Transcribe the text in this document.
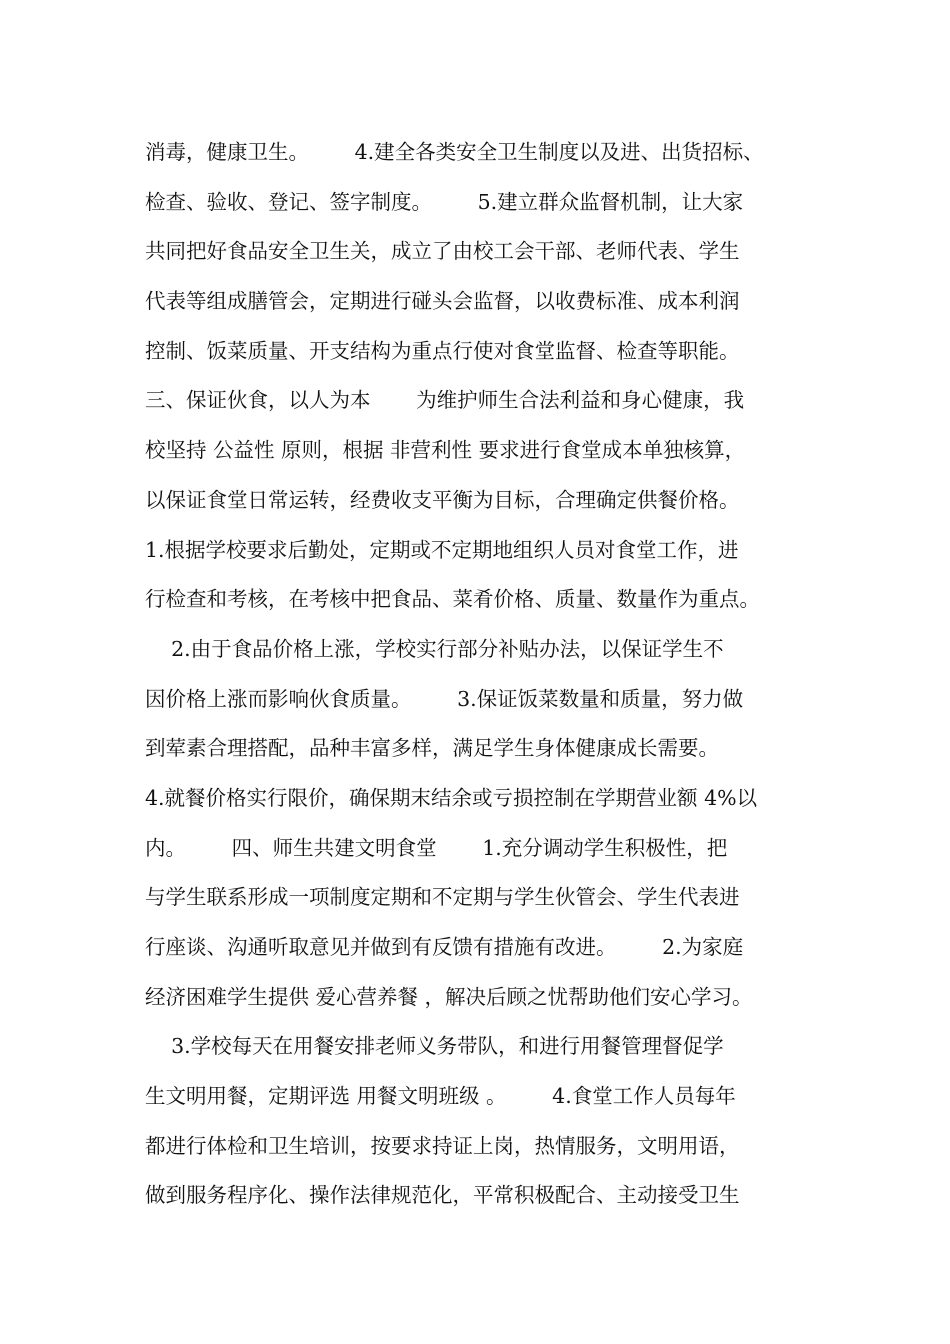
消毒，健康卫生。       4.建全各类安全卫生制度以及进、出货招标、
检查、验收、登记、签字制度。       5.建立群众监督机制，让大家
共同把好食品安全卫生关，成立了由校工会干部、老师代表、学生
代表等组成膳管会，定期进行碰头会监督，以收费标准、成本利润
控制、饭菜质量、开支结构为重点行使对食堂监督、检查等职能。
三、保证伙食，以人为本       为维护师生合法利益和身心健康，我
校坚持 公益性 原则，根据 非营利性 要求进行食堂成本单独核算，
以保证食堂日常运转，经费收支平衡为目标，合理确定供餐价格。
1.根据学校要求后勤处，定期或不定期地组织人员对食堂工作，进
行检查和考核，在考核中把食品、菜肴价格、质量、数量作为重点。
2.由于食品价格上涨，学校实行部分补贴办法，以保证学生不
因价格上涨而影响伙食质量。       3.保证饭菜数量和质量，努力做
到荤素合理搭配，品种丰富多样，满足学生身体健康成长需要。
4.就餐价格实行限价，确保期末结余或亏损控制在学期营业额 4%以
内。       四、师生共建文明食堂       1.充分调动学生积极性，把
与学生联系形成一项制度定期和不定期与学生伙管会、学生代表进
行座谈、沟通听取意见并做到有反馈有措施有改进。       2.为家庭
经济困难学生提供 爱心营养餐 ，解决后顾之忧帮助他们安心学习。
3.学校每天在用餐安排老师义务带队，和进行用餐管理督促学
生文明用餐，定期评选 用餐文明班级 。       4.食堂工作人员每年
都进行体检和卫生培训，按要求持证上岗，热情服务，文明用语，
做到服务程序化、操作法律规范化，平常积极配合、主动接受卫生
